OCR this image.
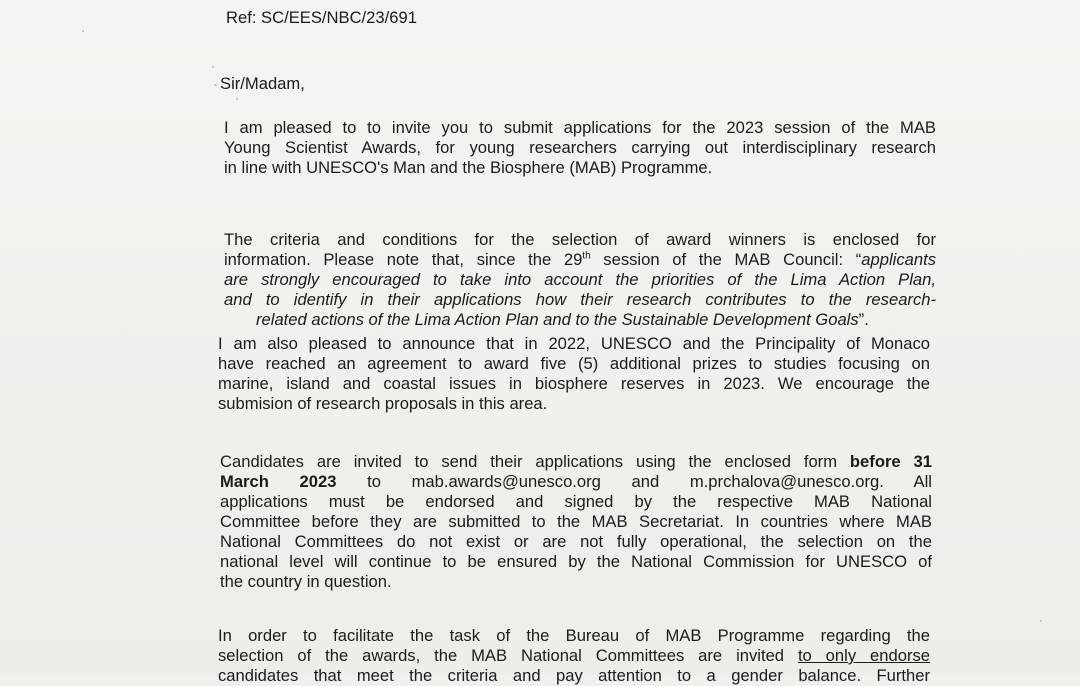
Ref: SC/EES/NBC/23/691
Sir/Madam,
I am pleased to to invite you to submit applications for the 2023 session of the MAB
Young Scientist Awards, for young researchers carrying out interdisciplinary research
in line with UNESCO's Man and the Biosphere (MAB) Programme.
The criteria and conditions for the selection of award winners is enclosed for
information. Please note that, since the 29th session of the MAB Council: “applicants
are strongly encouraged to take into account the priorities of the Lima Action Plan,
and to identify in their applications how their research contributes to the research-
related actions of the Lima Action Plan and to the Sustainable Development Goals”.
I am also pleased to announce that in 2022, UNESCO and the Principality of Monaco
have reached an agreement to award five (5) additional prizes to studies focusing on
marine, island and coastal issues in biosphere reserves in 2023. We encourage the
submision of research proposals in this area.
Candidates are invited to send their applications using the enclosed form before 31
March 2023 to mab.awards@unesco.org and m.prchalova@unesco.org. All
applications must be endorsed and signed by the respective MAB National
Committee before they are submitted to the MAB Secretariat. In countries where MAB
National Committees do not exist or are not fully operational, the selection on the
national level will continue to be ensured by the National Commission for UNESCO of
the country in question.
In order to facilitate the task of the Bureau of MAB Programme regarding the
selection of the awards, the MAB National Committees are invited to only endorse
candidates that meet the criteria and pay attention to a gender balance. Further
